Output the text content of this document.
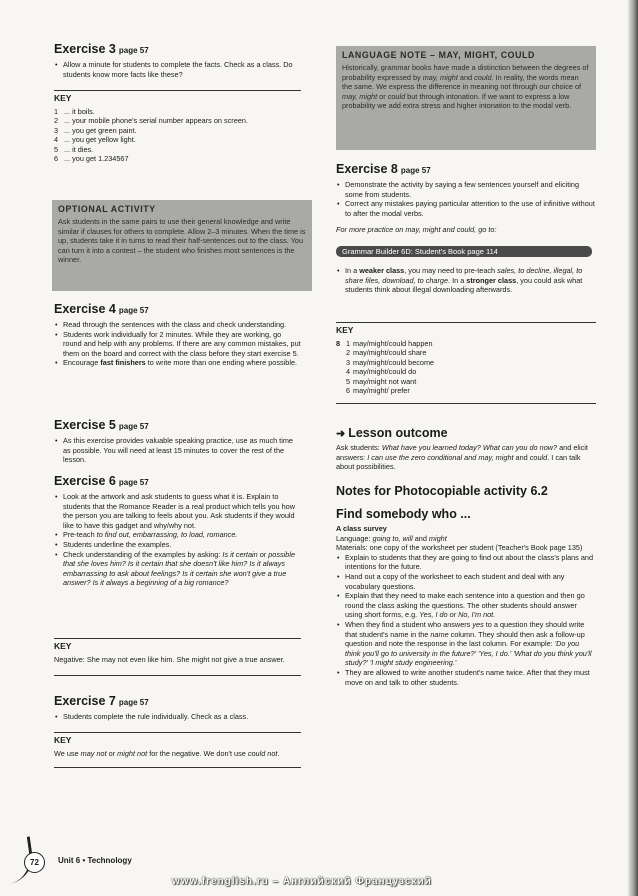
Exercise 3 page 57
• Allow a minute for students to complete the facts. Check as a class. Do students know more facts like these?
KEY
1 ... it boils.
2 ... your mobile phone's serial number appears on screen.
3 ... you get green paint.
4 ... you get yellow light.
5 ... it dies.
6 ... you get 1.234567
OPTIONAL ACTIVITY
Ask students in the same pairs to use their general knowledge and write similar if clauses for others to complete. Allow 2–3 minutes. When the time is up, students take it in turns to read their half-sentences out to the class. You can turn it into a contest – the student who finishes most sentences is the winner.
Exercise 4 page 57
• Read through the sentences with the class and check understanding.
• Students work individually for 2 minutes. While they are working, go round and help with any problems. If there are any common mistakes, put them on the board and correct with the class before they start exercise 5.
• Encourage fast finishers to write more than one ending where possible.
Exercise 5 page 57
• As this exercise provides valuable speaking practice, use as much time as possible. You will need at least 15 minutes to cover the rest of the lesson.
Exercise 6 page 57
• Look at the artwork and ask students to guess what it is. Explain to students that the Romance Reader is a real product which tells you how the person you are talking to feels about you. Ask students if they would like to have this gadget and why/why not.
• Pre-teach to find out, embarrassing, to load, romance.
• Students underline the examples.
• Check understanding of the examples by asking: Is it certain or possible that she loves him? Is it certain that she doesn't like him? Is it always embarrassing to ask about feelings? Is it certain she won't give a true answer? Is it always a beginning of a big romance?
KEY
Negative: She may not even like him. She might not give a true answer.
Exercise 7 page 57
• Students complete the rule individually. Check as a class.
KEY
We use may not or might not for the negative. We don't use could not.
LANGUAGE NOTE – MAY, MIGHT, COULD
Historically, grammar books have made a distinction between the degrees of probability expressed by may, might and could. In reality, the words mean the same. We express the difference in meaning not through our choice of may, might or could but through intonation. If we want to express a low probability we add extra stress and higher intonation to the modal verb.
Exercise 8 page 57
• Demonstrate the activity by saying a few sentences yourself and eliciting some from students.
• Correct any mistakes paying particular attention to the use of infinitive without to after the modal verbs.
For more practice on may, might and could, go to:
Grammar Builder 6D: Student's Book page 114
• In a weaker class, you may need to pre-teach sales, to decline, illegal, to share files, download, to charge. In a stronger class, you could ask what students think about illegal downloading afterwards.
KEY
8 1 may/might/could happen
2 may/might/could share
3 may/might/could become
4 may/might/could do
5 may/might not want
6 may/might/ prefer
➜ Lesson outcome
Ask students: What have you learned today? What can you do now? and elicit answers: I can use the zero conditional and may, might and could. I can talk about possibilities.
Notes for Photocopiable activity 6.2
Find somebody who ...
A class survey
Language: going to, will and might
Materials: one copy of the worksheet per student (Teacher's Book page 135)
• Explain to students that they are going to find out about the class's plans and intentions for the future.
• Hand out a copy of the worksheet to each student and deal with any vocabulary questions.
• Explain that they need to make each sentence into a question and then go round the class asking the questions. The other students should answer using short forms, e.g. Yes, I do or No, I'm not.
• When they find a student who answers yes to a question they should write that student's name in the name column. They should then ask a follow-up question and note the response in the last column. For example: 'Do you think you'll go to university in the future?' 'Yes, I do.' 'What do you think you'll study?' 'I might study engineering.'
• They are allowed to write another student's name twice. After that they must move on and talk to other students.
72	Unit 6 • Technology
www.frenglish.ru – Английский Французский
